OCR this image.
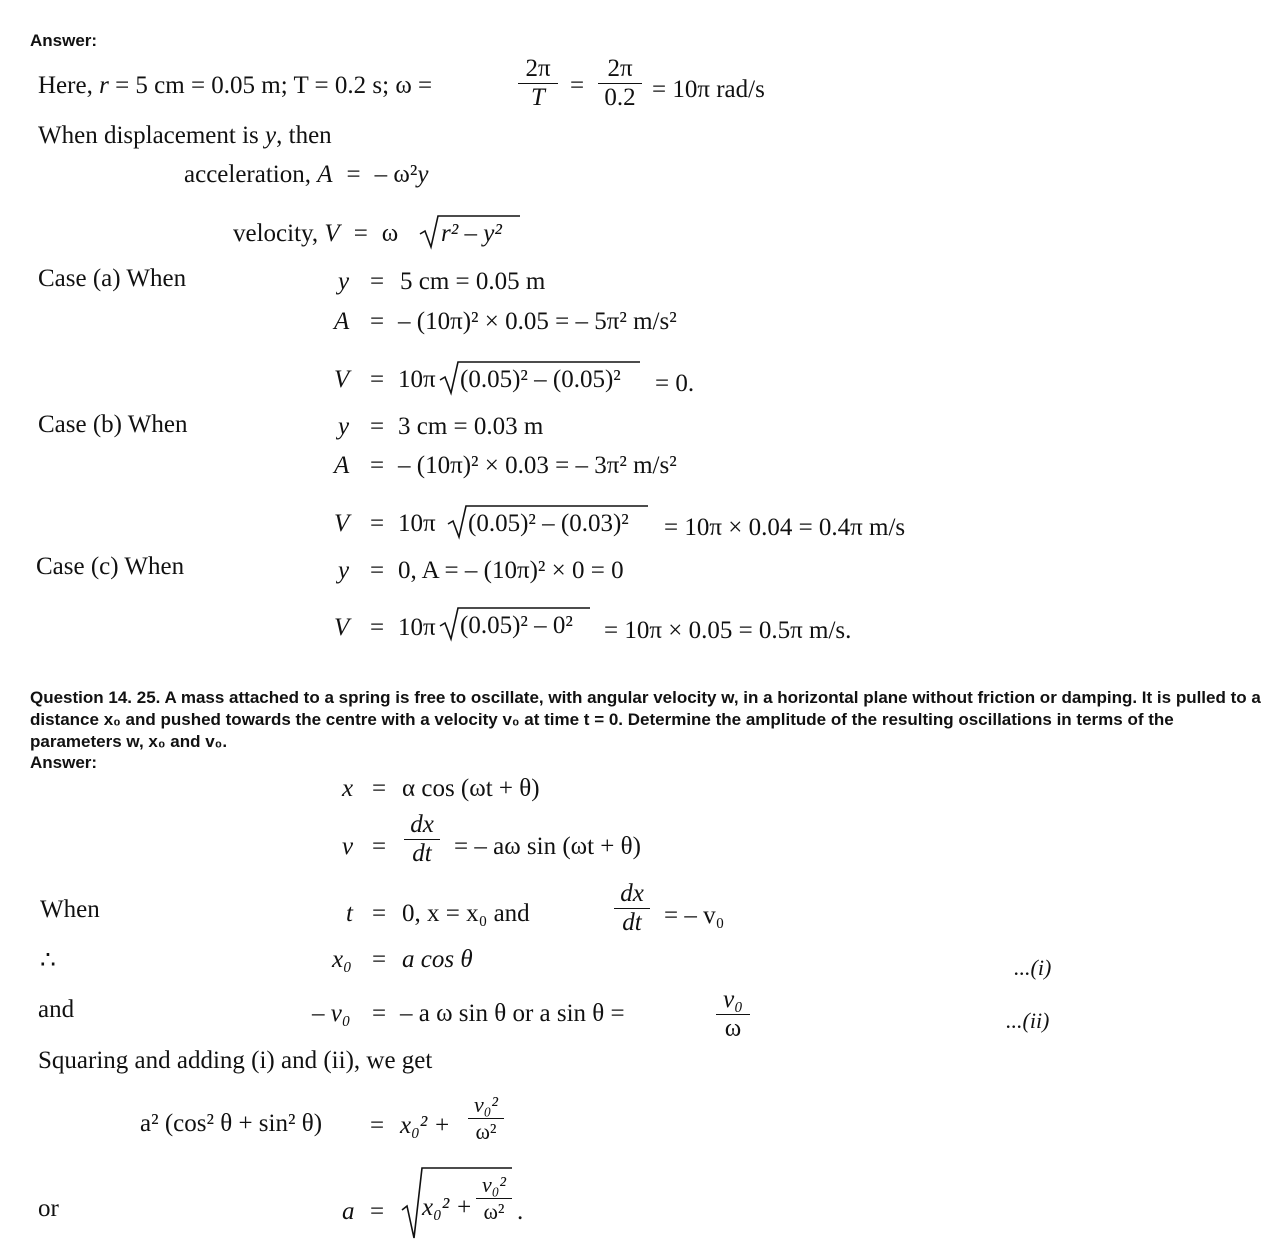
Answer:
Here, r = 5 cm = 0.05 m; T = 0.2 s; ω =
2π
T	=
2π
0.2 = 10π rad/s
When displacement is y, then
acceleration, A = – ω²y
velocity, V = ω r² – y²
Case (a) When	y = 5 cm = 0.05 m
A = – (10π)² × 0.05 = – 5π² m/s²
V = 10π (0.05)² – (0.05)² = 0.
Case (b) When	y = 3 cm = 0.03 m
A = – (10π)² × 0.03 = – 3π² m/s²
V = 10π (0.05)² – (0.03)² = 10π × 0.04 = 0.4π m/s
Case (c) When	y = 0, A = – (10π)² × 0 = 0
V = 10π (0.05)² – 0² = 10π × 0.05 = 0.5π m/s.
Question 14. 25. A mass attached to a spring is free to oscillate, with angular velocity w, in a horizontal plane without friction or damping. It is pulled to a distance x₀ and pushed towards the centre with a velocity v₀ at time t = 0. Determine the amplitude of the resulting oscillations in terms of the parameters w, x₀ and v₀.
Answer:
x = α cos (ωt + θ)
v =
dx
dt = – aω sin (ωt + θ)
When	t = 0, x = x₀ and
dx
dt = – v₀
∴	x₀ = a cos θ	...(i)
and	– v₀ = – a ω sin θ or a sin θ =
v₀
ω	...(ii)
Squaring and adding (i) and (ii), we get
a² (cos² θ + sin² θ) = x₀² +
v₀²
ω²
or	a = x₀² +
v₀²
ω² .
